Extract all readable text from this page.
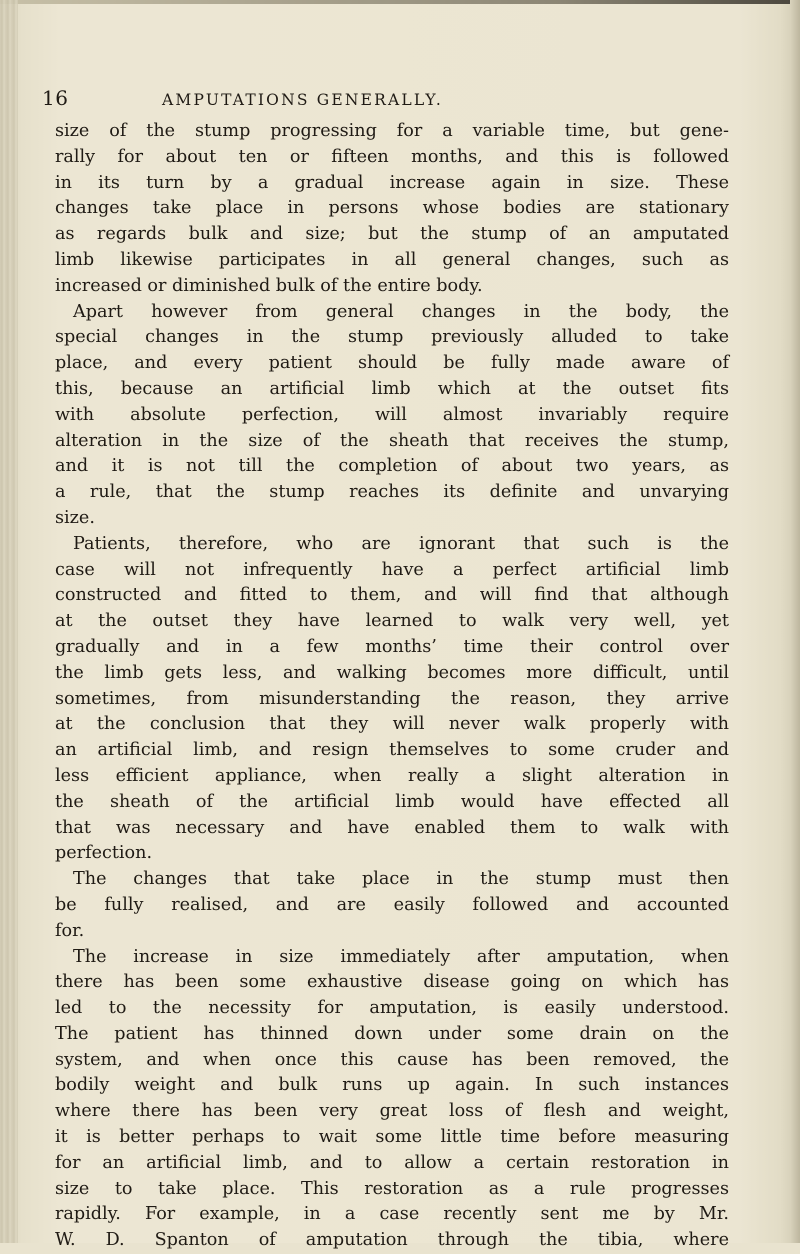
16	AMPUTATIONS GENERALLY.
size of the stump progressing for a variable time, but gene-
rally for about ten or fifteen months, and this is followed
in its turn by a gradual increase again in size. These
changes take place in persons whose bodies are stationary
as regards bulk and size; but the stump of an amputated
limb likewise participates in all general changes, such as
increased or diminished bulk of the entire body.
Apart however from general changes in the body, the
special changes in the stump previously alluded to take
place, and every patient should be fully made aware of
this, because an artificial limb which at the outset fits
with absolute perfection, will almost invariably require
alteration in the size of the sheath that receives the stump,
and it is not till the completion of about two years, as
a rule, that the stump reaches its definite and unvarying
size.
Patients, therefore, who are ignorant that such is the
case will not infrequently have a perfect artificial limb
constructed and fitted to them, and will find that although
at the outset they have learned to walk very well, yet
gradually and in a few months’ time their control over
the limb gets less, and walking becomes more difficult, until
sometimes, from misunderstanding the reason, they arrive
at the conclusion that they will never walk properly with
an artificial limb, and resign themselves to some cruder and
less efficient appliance, when really a slight alteration in
the sheath of the artificial limb would have effected all
that was necessary and have enabled them to walk with
perfection.
The changes that take place in the stump must then
be fully realised, and are easily followed and accounted
for.
The increase in size immediately after amputation, when
there has been some exhaustive disease going on which has
led to the necessity for amputation, is easily understood.
The patient has thinned down under some drain on the
system, and when once this cause has been removed, the
bodily weight and bulk runs up again. In such instances
where there has been very great loss of flesh and weight,
it is better perhaps to wait some little time before measuring
for an artificial limb, and to allow a certain restoration in
size to take place. This restoration as a rule progresses
rapidly. For example, in a case recently sent me by Mr.
W. D. Spanton of amputation through the tibia, where
